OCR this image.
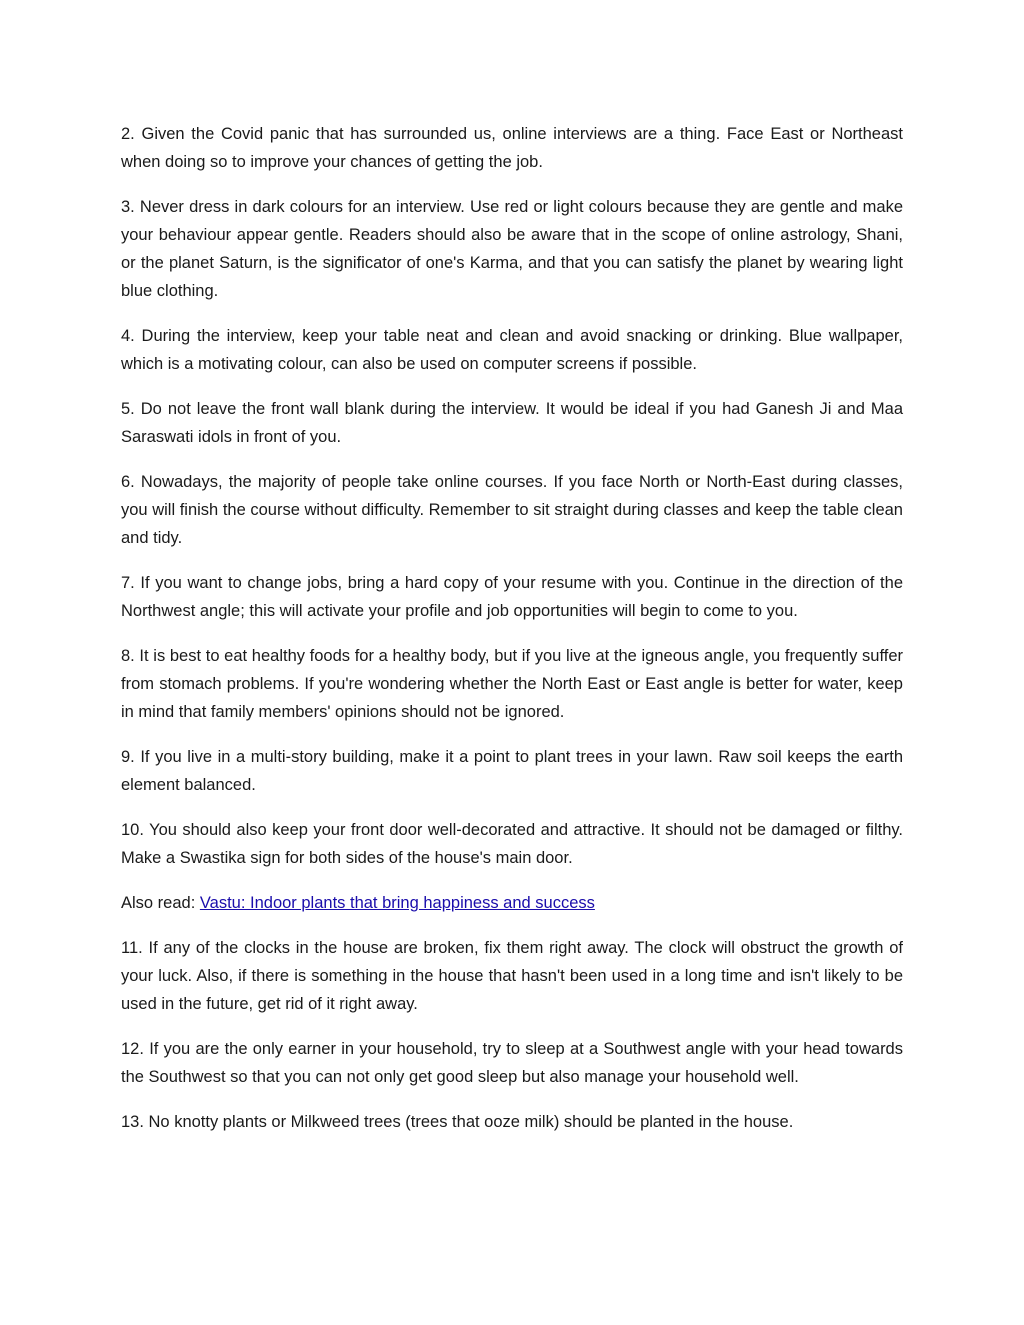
2. Given the Covid panic that has surrounded us, online interviews are a thing. Face East or Northeast when doing so to improve your chances of getting the job.

3. Never dress in dark colours for an interview. Use red or light colours because they are gentle and make your behaviour appear gentle. Readers should also be aware that in the scope of online astrology, Shani, or the planet Saturn, is the significator of one's Karma, and that you can satisfy the planet by wearing light blue clothing.

4. During the interview, keep your table neat and clean and avoid snacking or drinking. Blue wallpaper, which is a motivating colour, can also be used on computer screens if possible.

5. Do not leave the front wall blank during the interview. It would be ideal if you had Ganesh Ji and Maa Saraswati idols in front of you.

6. Nowadays, the majority of people take online courses. If you face North or North-East during classes, you will finish the course without difficulty. Remember to sit straight during classes and keep the table clean and tidy.

7. If you want to change jobs, bring a hard copy of your resume with you. Continue in the direction of the Northwest angle; this will activate your profile and job opportunities will begin to come to you.

8. It is best to eat healthy foods for a healthy body, but if you live at the igneous angle, you frequently suffer from stomach problems. If you're wondering whether the North East or East angle is better for water, keep in mind that family members' opinions should not be ignored.

9. If you live in a multi-story building, make it a point to plant trees in your lawn. Raw soil keeps the earth element balanced.

10. You should also keep your front door well-decorated and attractive. It should not be damaged or filthy. Make a Swastika sign for both sides of the house's main door.

Also read: Vastu: Indoor plants that bring happiness and success

11. If any of the clocks in the house are broken, fix them right away. The clock will obstruct the growth of your luck. Also, if there is something in the house that hasn't been used in a long time and isn't likely to be used in the future, get rid of it right away.

12. If you are the only earner in your household, try to sleep at a Southwest angle with your head towards the Southwest so that you can not only get good sleep but also manage your household well.

13. No knotty plants or Milkweed trees (trees that ooze milk) should be planted in the house.
